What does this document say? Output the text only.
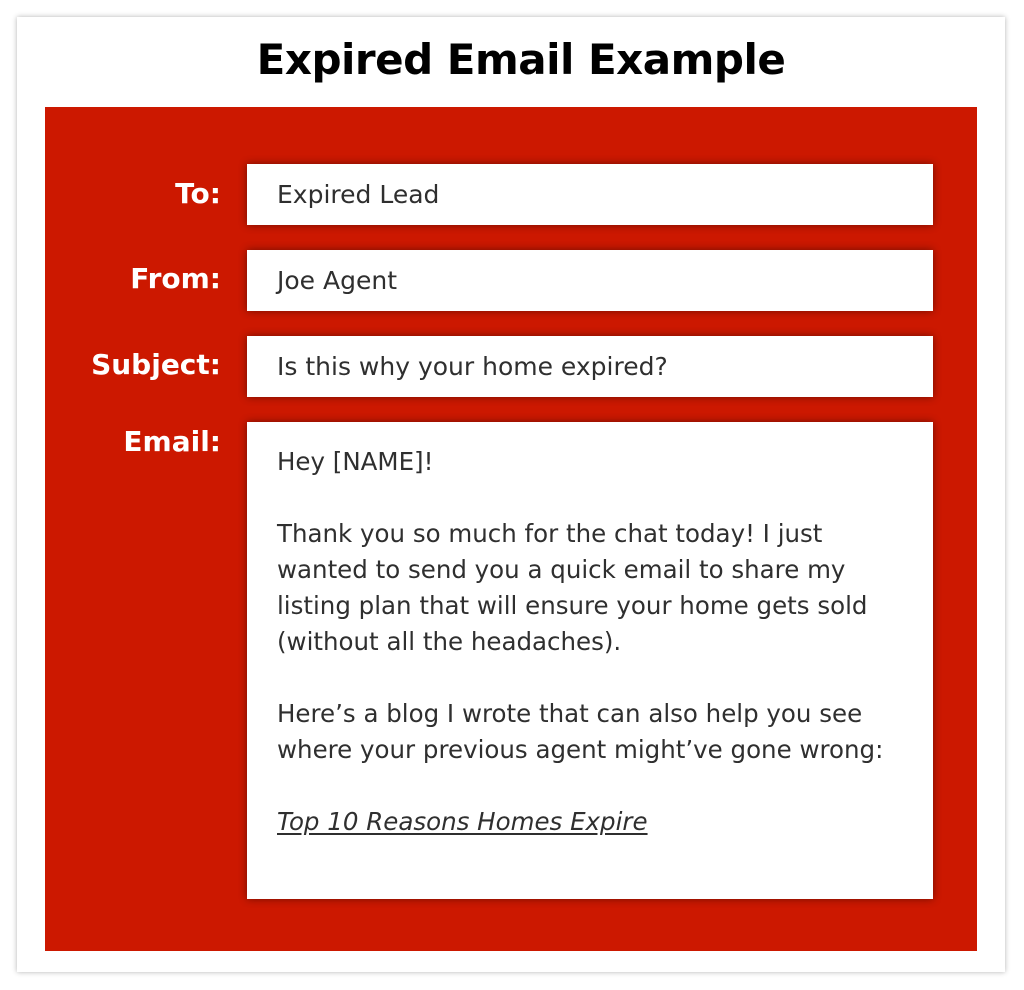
Expired Email Example
To:	Expired Lead
From:	Joe Agent
Subject:	Is this why your home expired?
Email:

Hey [NAME]!

Thank you so much for the chat today! I just wanted to send you a quick email to share my listing plan that will ensure your home gets sold (without all the headaches).

Here’s a blog I wrote that can also help you see where your previous agent might’ve gone wrong:

Top 10 Reasons Homes Expire
